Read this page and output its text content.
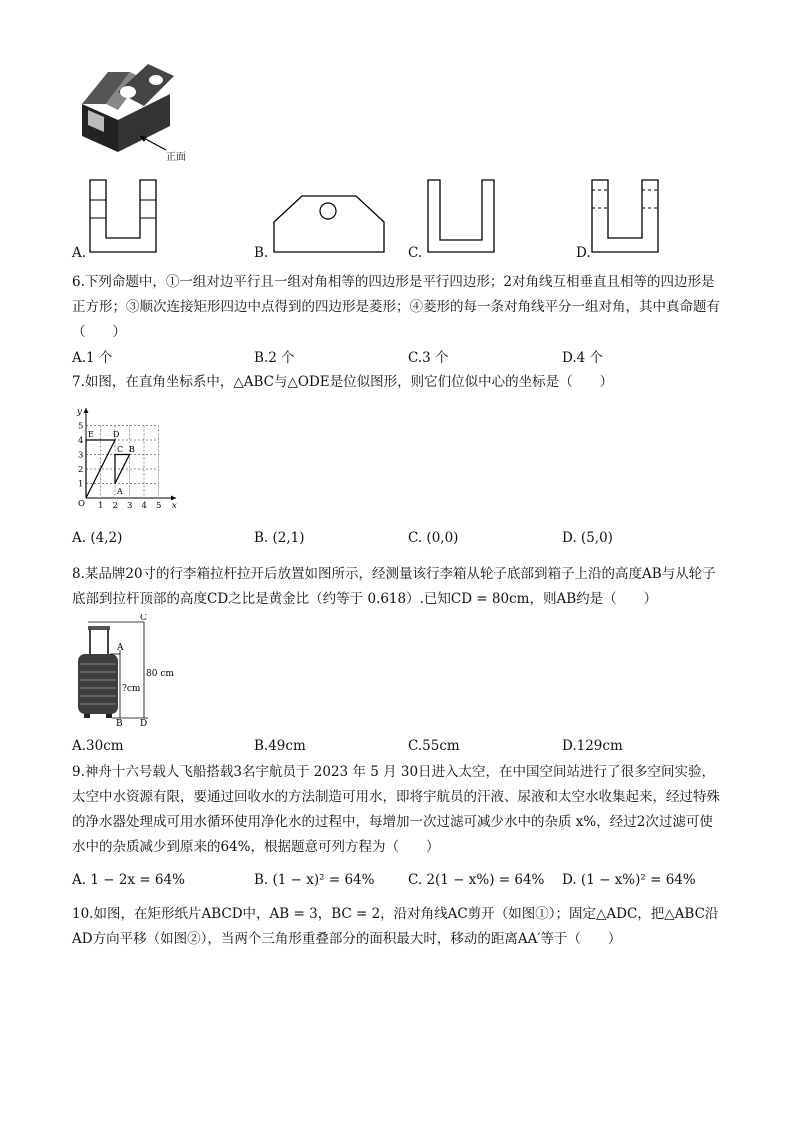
正面
A.	B.	C.	D.
6.下列命题中，①一组对边平行且一组对角相等的四边形是平行四边形；2对角线互相垂直且相等的四边形是正方形；③顺次连接矩形四边中点得到的四边形是菱形；④菱形的每一条对角线平分一组对角，其中真命题有（　　）
A.1 个	B.2 个	C.3 个	D.4 个
7.如图，在直角坐标系中，△ABC与△ODE是位似图形，则它们位似中心的坐标是（　　）
1 2 3 4 5
1
2
3
4
5
O	x
y
E D
C B
A
A. (4,2)	B. (2,1)	C. (0,0)	D. (5,0)
8.某品牌20寸的行李箱拉杆拉开后放置如图所示，经测量该行李箱从轮子底部到箱子上沿的高度AB与从轮子底部到拉杆顶部的高度CD之比是黄金比（约等于 0.618）.已知CD = 80cm，则AB约是（　　）
C
A
B D
80 cm
?cm
A.30cm	B.49cm	C.55cm	D.129cm
9.神舟十六号载人飞船搭载3名宇航员于 2023 年 5 月 30日进入太空，在中国空间站进行了很多空间实验，太空中水资源有限，要通过回收水的方法制造可用水，即将宇航员的汗液、尿液和太空水收集起来，经过特殊的净水器处理成可用水循环使用净化水的过程中，每增加一次过滤可减少水中的杂质 x%，经过2次过滤可使水中的杂质减少到原来的64%，根据题意可列方程为（　　）
A. 1 − 2x = 64%	B. (1 − x)² = 64% C. 2(1 − x%) = 64% D. (1 − x%)² = 64%
10.如图，在矩形纸片ABCD中，AB = 3，BC = 2，沿对角线AC剪开（如图①）；固定△ADC，把△ABC沿AD方向平移（如图②），当两个三角形重叠部分的面积最大时，移动的距离AA′等于（　　）
